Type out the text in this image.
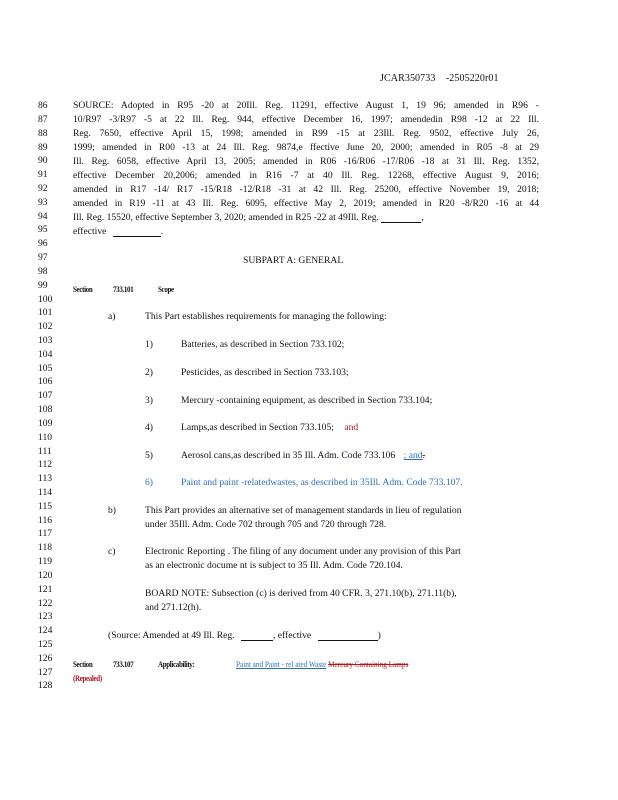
JCAR350733 -2505220r01
86
87
88
89
90
91
92
93
94
95
96
97
98
99
100
101
102
103
104
105
106
107
108
109
110
111
112
113
114
115
116
117
118
119
120
121
122
123
124
125
126
127
128
SOURCE: Adopted in R95 -20 at 20Ill. Reg. 11291, effective August 1, 19 96; amended in R96 -
10/R97 -3/R97 -5 at 22 Ill. Reg. 944, effective December 16, 1997; amendedin R98 -12 at 22 Ill.
Reg. 7650, effective April 15, 1998; amended in R99 -15 at 23Ill. Reg. 9502, effective July 26,
1999; amended in R00 -13 at 24 Ill. Reg. 9874,e ffective June 20, 2000; amended in R05 -8 at 29
Ill. Reg. 6058, effective April 13, 2005; amended in R06 -16/R06 -17/R06 -18 at 31 Ill. Reg. 1352,
effective December 20,2006; amended in R16 -7 at 40 Ill. Reg. 12268, effective August 9, 2016;
amended in R17 -14/ R17 -15/R18 -12/R18 -31 at 42 Ill. Reg. 25200, effective November 19, 2018;
amended in R19 -11 at 43 Ill. Reg. 6095, effective May 2, 2019; amended in R20 -8/R20 -16 at 44
Ill. Reg. 15520, effective September 3, 2020; amended in R25 -22 at 49Ill. Reg.	,
effective	.
SUBPART A: GENERAL
Section 733.101	Scope
a)	This Part establishes requirements for managing the following:
1)	Batteries, as described in Section 733.102;
2)	Pesticides, as described in Section 733.103;
3)	Mercury -containing equipment, as described in Section 733.104;
4)	Lamps,as described in Section 733.105; and
5)	Aerosol cans,as described in 35 Ill. Adm. Code 733.106 ; and.
6)	Paint and paint -relatedwastes, as described in 35Ill. Adm. Code 733.107.
b)	This Part provides an alternative set of management standards in lieu of regulation
under 35Ill. Adm. Code 702 through 705 and 720 through 728.
c)	Electronic Reporting . The filing of any document under any provision of this Part
as an electronic docume nt is subject to 35 Ill. Adm. Code 720.104.
BOARD NOTE: Subsection (c) is derived from 40 CFR. 3, 271.10(b), 271.11(b),
and 271.12(h).
(Source: Amended at 49 Ill. Reg.	, effective	)
Section 733.107	Applicability:	Paint and Paint - rel ated Waste Mercury Containing Lamps
(Repealed)
